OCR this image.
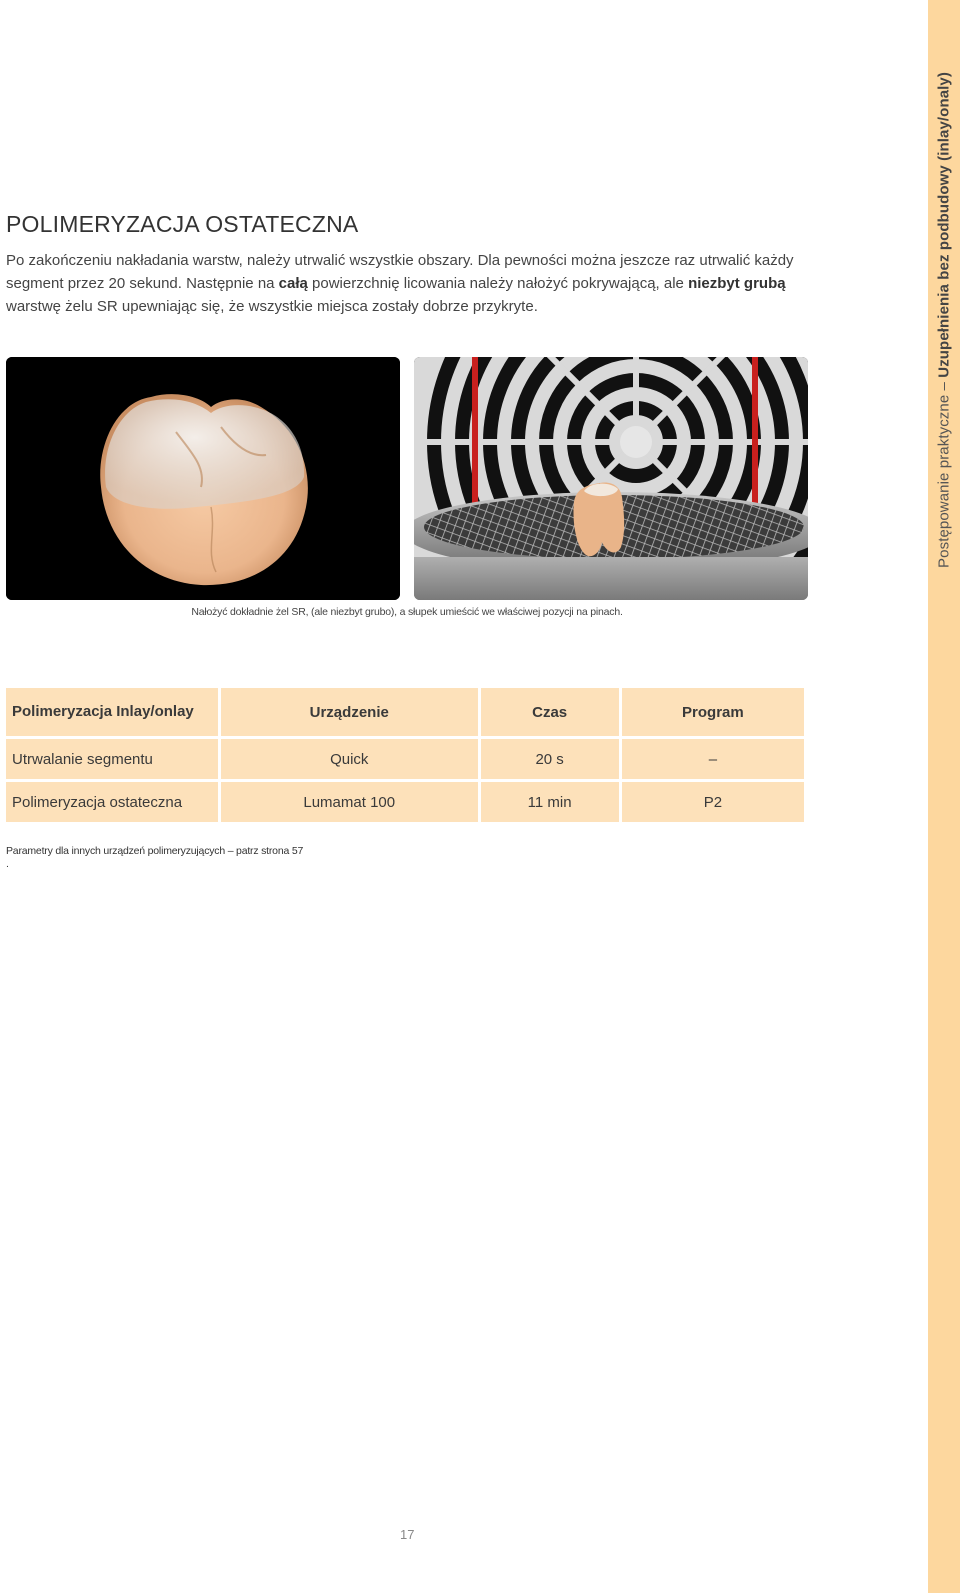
Postępowanie praktyczne – Uzupełnienia bez podbudowy (inlay/onaly)
POLIMERYZACJA OSTATECZNA

Po zakończeniu nakładania warstw, należy utrwalić wszystkie obszary. Dla pewności można jeszcze raz utrwalić każdy segment przez 20 sekund. Następnie na całą powierzchnię licowania należy nałożyć pokrywającą, ale niezbyt grubą warstwę żelu SR upewniając się, że wszystkie miejsca zostały dobrze przykryte.

Nałożyć dokładnie żel SR, (ale niezbyt grubo), a słupek umieścić we właściwej pozycji na pinach.
Polimeryzacja Inlay/onlay	Urządzenie	Czas	Program
Utrwalanie segmentu	Quick	20 s	–
Polimeryzacja ostateczna	Lumamat 100	11 min	P2
Parametry dla innych urządzeń polimeryzujących – patrz strona 57
.
17
